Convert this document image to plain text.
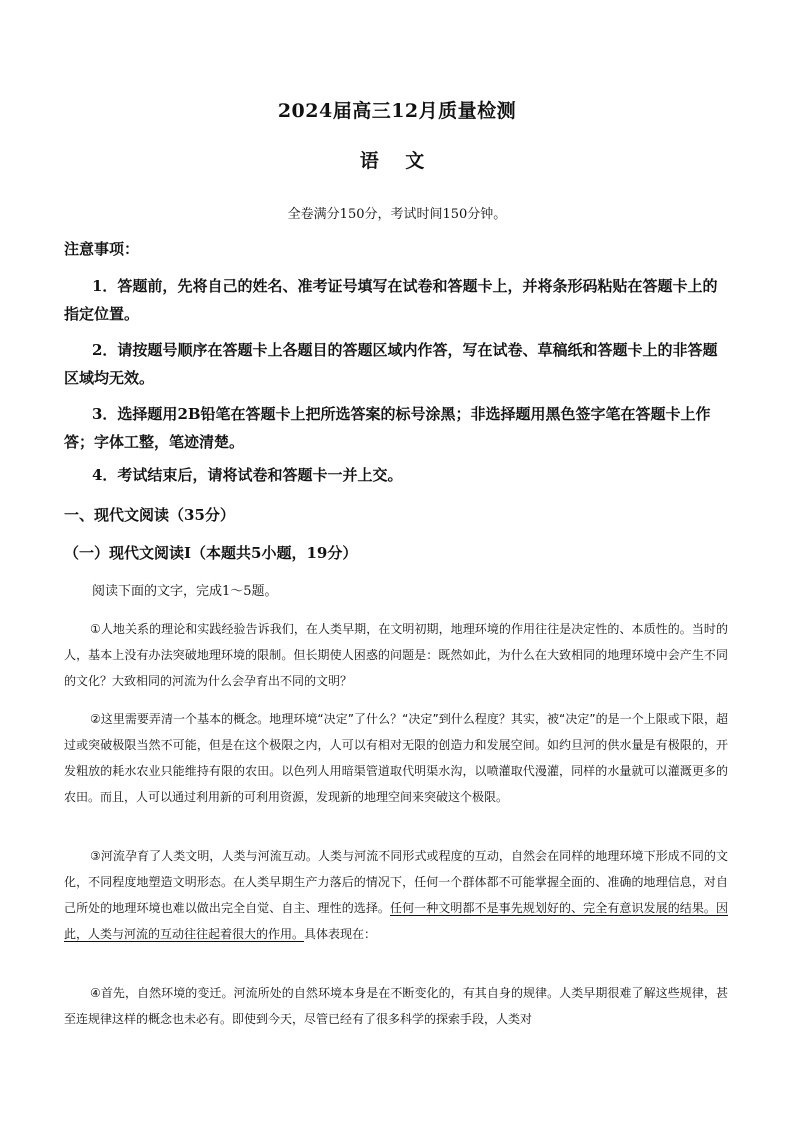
2024届高三12月质量检测
语 文
全卷满分150分，考试时间150分钟。
注意事项：
1．答题前，先将自己的姓名、准考证号填写在试卷和答题卡上，并将条形码粘贴在答题卡上的指定位置。
2．请按题号顺序在答题卡上各题目的答题区域内作答，写在试卷、草稿纸和答题卡上的非答题区域均无效。
3．选择题用2B铅笔在答题卡上把所选答案的标号涂黑；非选择题用黑色签字笔在答题卡上作答；字体工整，笔迹清楚。
4．考试结束后，请将试卷和答题卡一并上交。
一、现代文阅读（35分）
（一）现代文阅读Ⅰ（本题共5小题，19分）
阅读下面的文字，完成1～5题。
①人地关系的理论和实践经验告诉我们，在人类早期，在文明初期，地理环境的作用往往是决定性的、本质性的。当时的人，基本上没有办法突破地理环境的限制。但长期使人困惑的问题是：既然如此，为什么在大致相同的地理环境中会产生不同的文化？大致相同的河流为什么会孕育出不同的文明？
②这里需要弄清一个基本的概念。地理环境“决定”了什么？“决定”到什么程度？其实，被“决定”的是一个上限或下限，超过或突破极限当然不可能，但是在这个极限之内，人可以有相对无限的创造力和发展空间。如约旦河的供水量是有极限的，开发粗放的耗水农业只能维持有限的农田。以色列人用暗渠管道取代明渠水沟，以喷灌取代漫灌，同样的水量就可以灌溉更多的农田。而且，人可以通过利用新的可利用资源，发现新的地理空间来突破这个极限。
③河流孕育了人类文明，人类与河流互动。人类与河流不同形式或程度的互动，自然会在同样的地理环境下形成不同的文化，不同程度地塑造文明形态。在人类早期生产力落后的情况下，任何一个群体都不可能掌握全面的、准确的地理信息，对自己所处的地理环境也难以做出完全自觉、自主、理性的选择。任何一种文明都不是事先规划好的、完全有意识发展的结果。因此，人类与河流的互动往往起着很大的作用。具体表现在：
④首先，自然环境的变迁。河流所处的自然环境本身是在不断变化的，有其自身的规律。人类早期很难了解这些规律，甚至连规律这样的概念也未必有。即使到今天，尽管已经有了很多科学的探索手段，人类对
